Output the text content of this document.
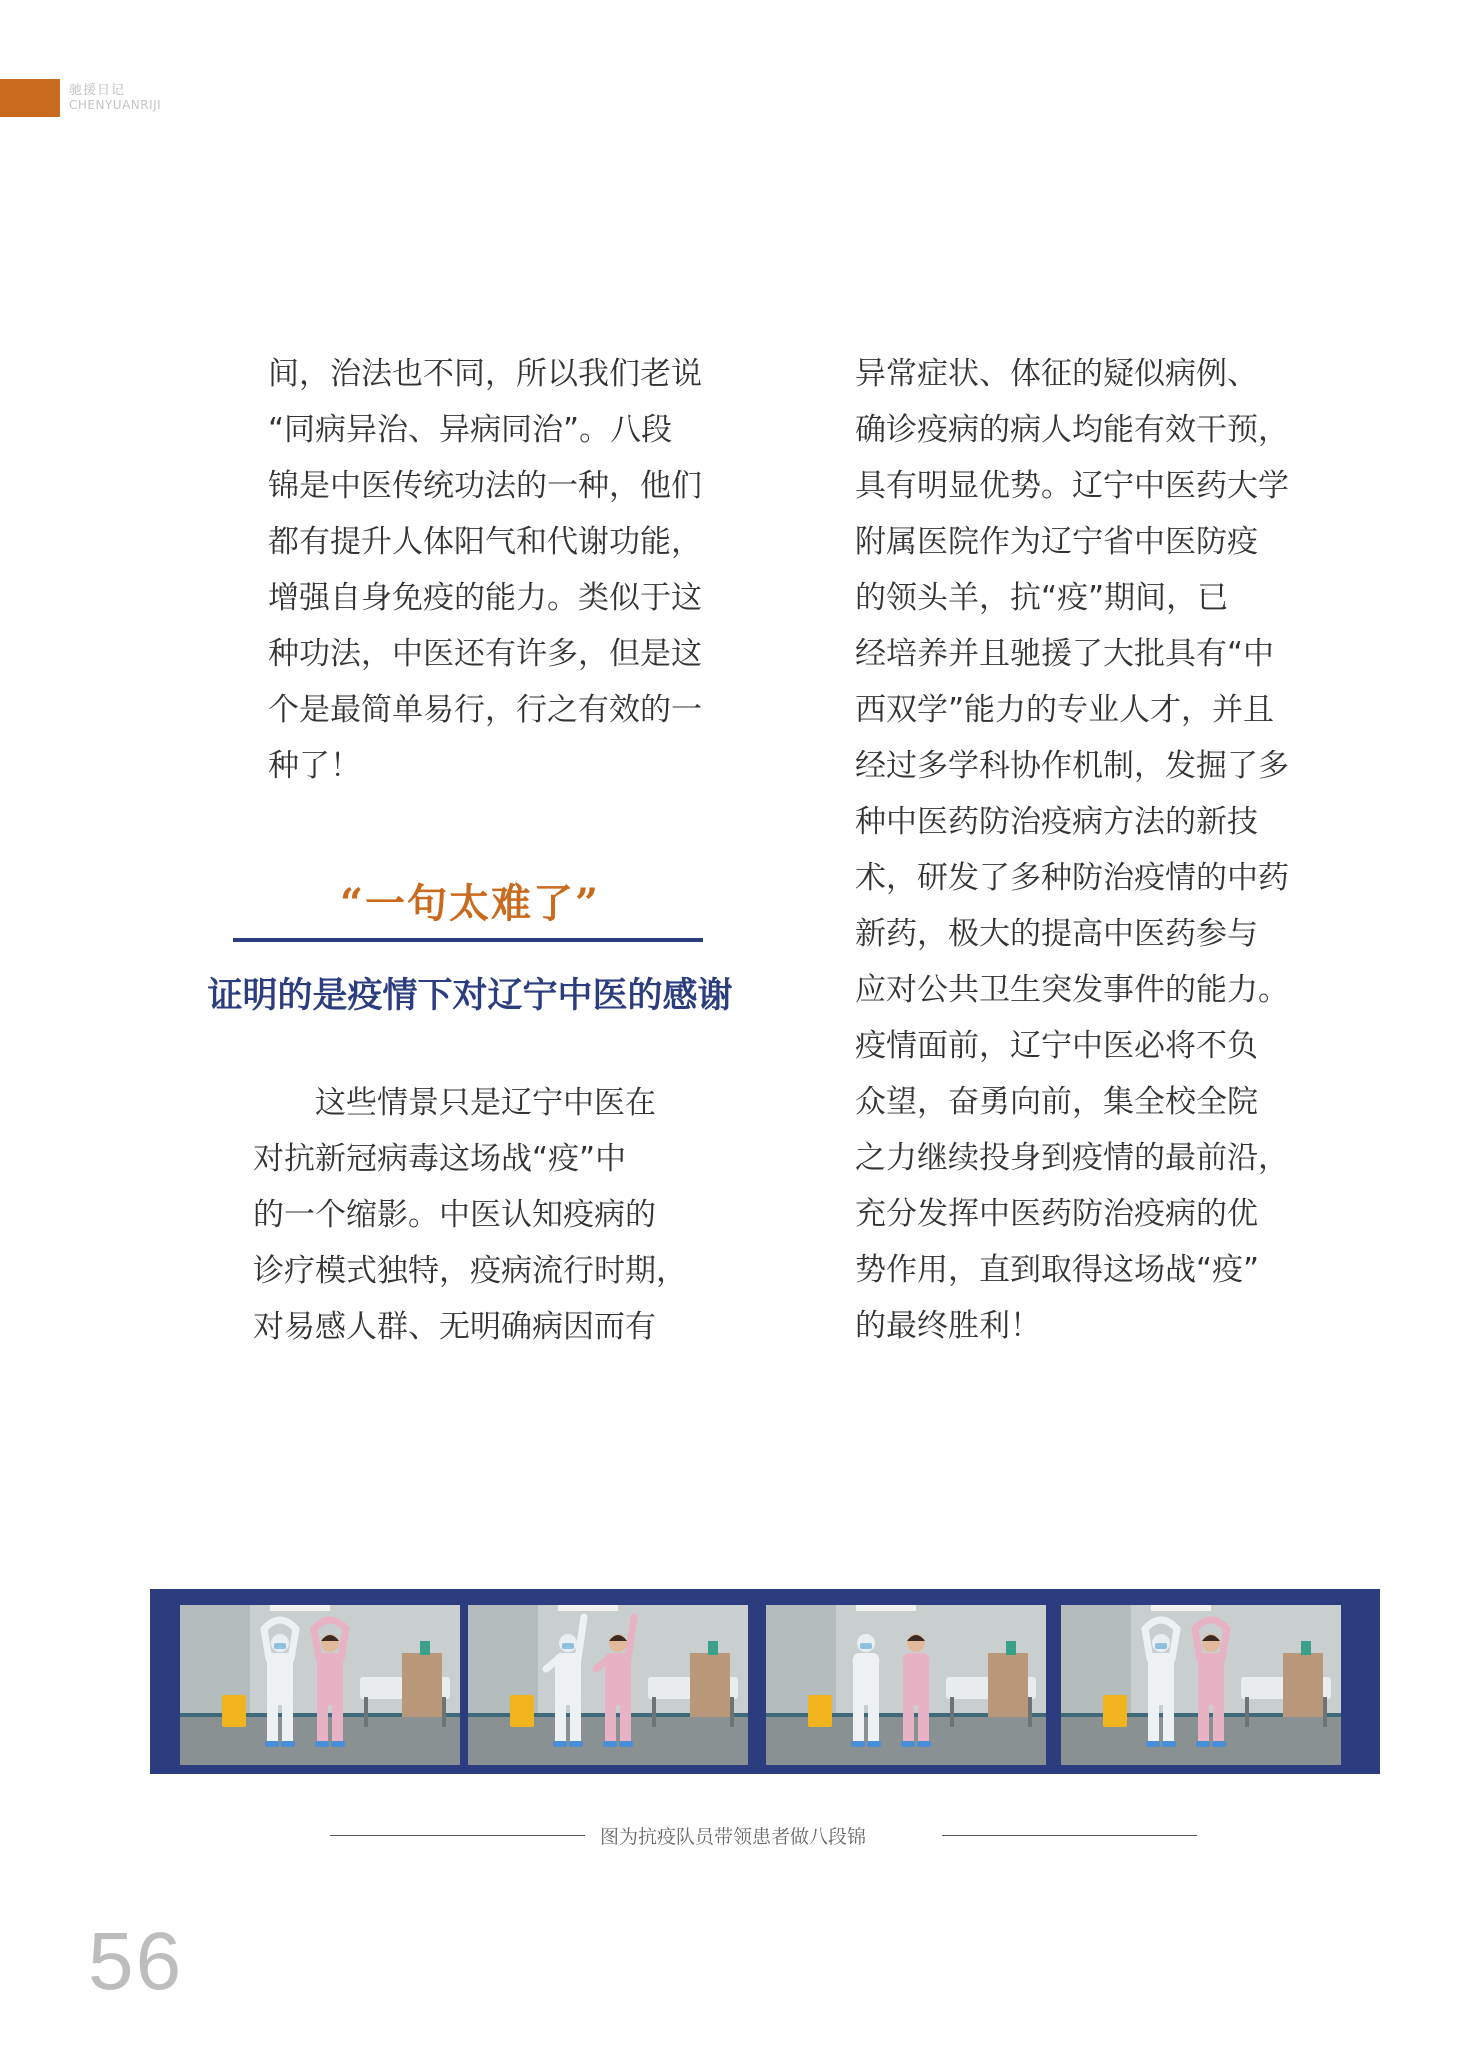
驰援日记
CHENYUANRIJI
间，治法也不同，所以我们老说
“同病异治、异病同治”。八段
锦是中医传统功法的一种，他们
都有提升人体阳气和代谢功能，
增强自身免疫的能力。类似于这
种功法，中医还有许多，但是这
个是最简单易行，行之有效的一
种了！
“一句太难了”
证明的是疫情下对辽宁中医的感谢
　　这些情景只是辽宁中医在
对抗新冠病毒这场战“疫”中
的一个缩影。中医认知疫病的
诊疗模式独特，疫病流行时期，
对易感人群、无明确病因而有
异常症状、体征的疑似病例、
确诊疫病的病人均能有效干预，
具有明显优势。辽宁中医药大学
附属医院作为辽宁省中医防疫
的领头羊，抗“疫”期间，已
经培养并且驰援了大批具有“中
西双学”能力的专业人才，并且
经过多学科协作机制，发掘了多
种中医药防治疫病方法的新技
术，研发了多种防治疫情的中药
新药，极大的提高中医药参与
应对公共卫生突发事件的能力。
疫情面前，辽宁中医必将不负
众望，奋勇向前，集全校全院
之力继续投身到疫情的最前沿，
充分发挥中医药防治疫病的优
势作用，直到取得这场战“疫”
的最终胜利！
图为抗疫队员带领患者做八段锦
56
